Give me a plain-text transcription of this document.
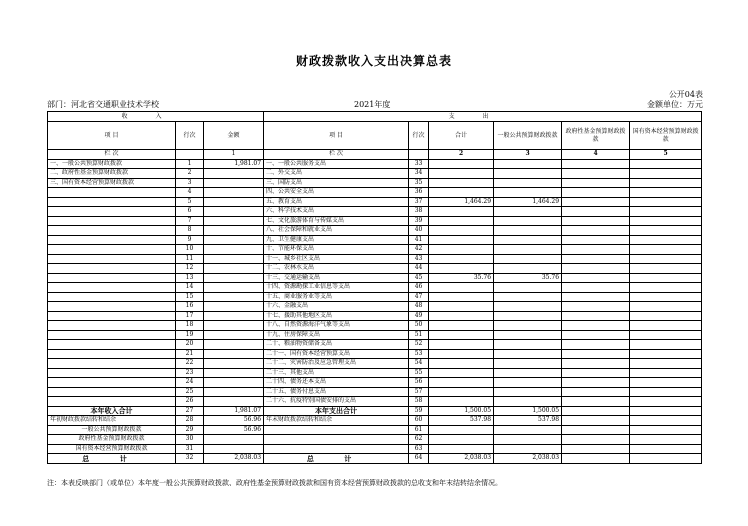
财政拨款收入支出决算总表
公开04表
部门：河北省交通职业技术学校	2021年度	金额单位：万元
收入			支出					
项 目	行次	金额	项 目	行次	合计	一般公共预算财政拨款	政府性基金预算财政拨款	国有资本经营预算财政拨款
栏 次		1	栏 次		2	3	4	5
一、一般公共预算财政拨款	1	1,981.07	一、一般公共服务支出	33				
二、政府性基金预算财政拨款	2		二、外交支出	34				
三、国有资本经营预算财政拨款	3		三、国防支出	35				
	4		四、公共安全支出	36				
	5		五、教育支出	37	1,464.29	1,464.29		
	6		六、科学技术支出	38				
	7		七、文化旅游体育与传媒支出	39				
	8		八、社会保障和就业支出	40				
	9		九、卫生健康支出	41				
	10		十、节能环保支出	42				
	11		十一、城乡社区支出	43				
	12		十二、农林水支出	44				
	13		十三、交通运输支出	45	35.76	35.76		
	14		十四、资源勘探工业信息等支出	46				
	15		十五、商业服务业等支出	47				
	16		十六、金融支出	48				
	17		十七、援助其他地区支出	49				
	18		十八、自然资源海洋气象等支出	50				
	19		十九、住房保障支出	51				
	20		二十、粮油物资储备支出	52				
	21		二十一、国有资本经营预算支出	53				
	22		二十二、灾害防治及应急管理支出	54				
	23		二十三、其他支出	55				
	24		二十四、债务还本支出	56				
	25		二十五、债务付息支出	57				
	26		二十六、抗疫特别国债安排的支出	58				
本年收入合计	27	1,981.07	本年支出合计	59	1,500.05	1,500.05		
年初财政拨款结转和结余	28	56.96	年末财政拨款结转和结余	60	537.98	537.98		
一般公共预算财政拨款	29	56.96		61				
政府性基金预算财政拨款	30			62				
国有资本经营预算财政拨款	31			63				
总 计	32	2,038.03	总 计	64	2,038.03	2,038.03		
注：本表反映部门（或单位）本年度一般公共预算财政拨款、政府性基金预算财政拨款和国有资本经营预算财政拨款的总收支和年末结转结余情况。
